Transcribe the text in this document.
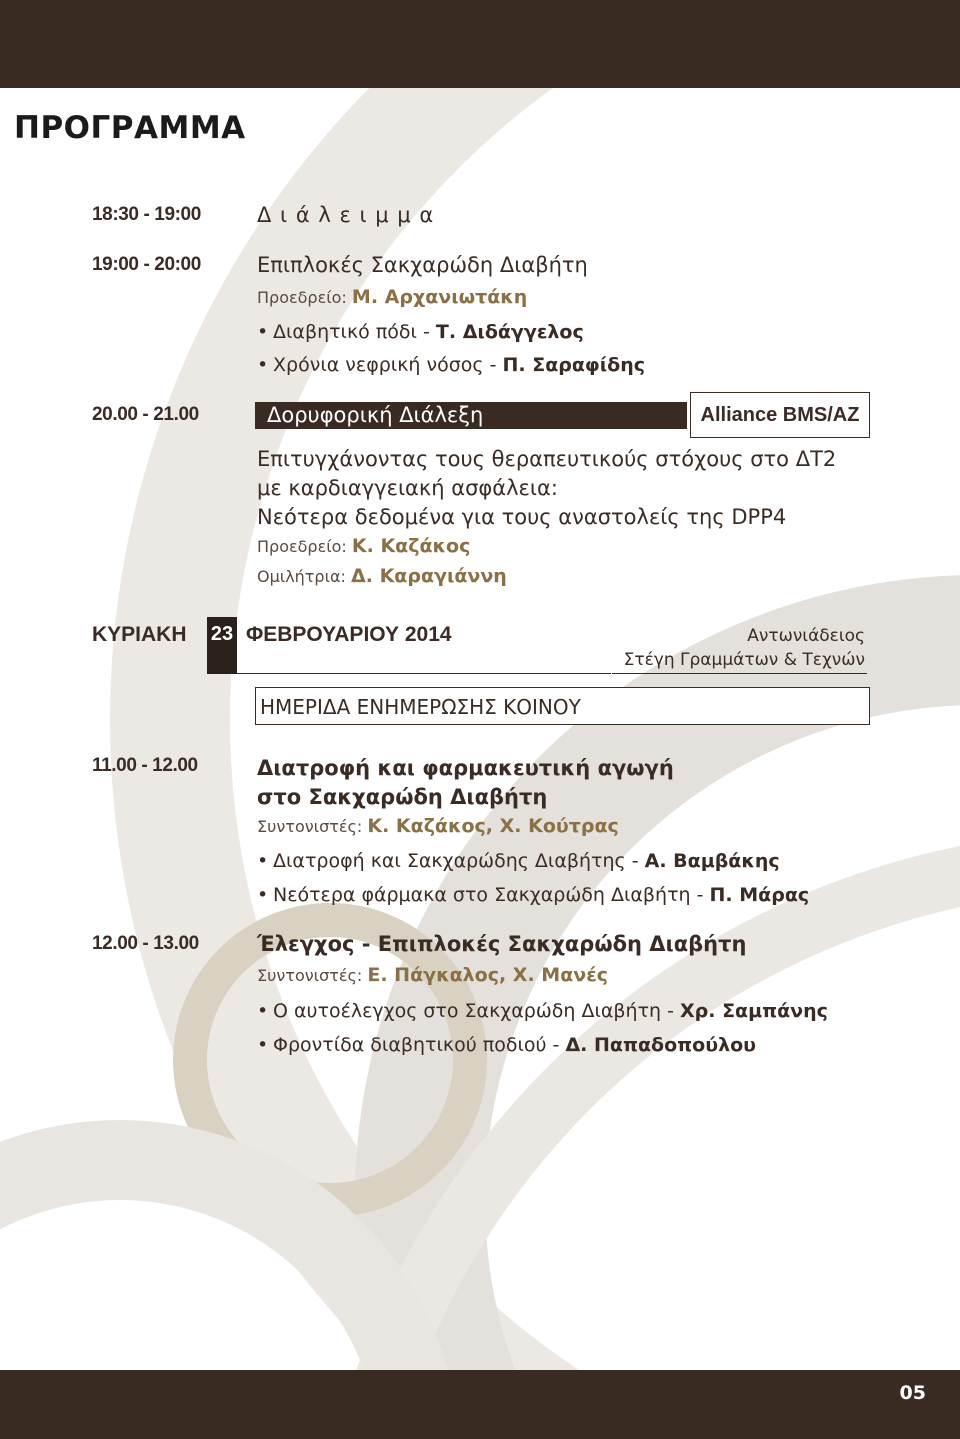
ΠΡΟΓΡΑΜΜΑ
18:30 - 19:00	Δ ι ά λ ε ι μ μ α
19:00 - 20:00	Επιπλοκές Σακχαρώδη Διαβήτη
Προεδρείο: Μ. Αρχανιωτάκη
• Διαβητικό πόδι - Τ. Διδάγγελος
• Χρόνια νεφρική νόσος - Π. Σαραφίδης
20.00 - 21.00	Δορυφορική Διάλεξη	Alliance BMS/AZ
Επιτυγχάνοντας τους θεραπευτικούς στόχους στο ΔΤ2
με καρδιαγγειακή ασφάλεια:
Νεότερα δεδομένα για τους αναστολείς της DPP4
Προεδρείο: Κ. Καζάκος
Ομιλήτρια: Δ. Καραγιάννη
ΚΥΡΙΑΚΗ 23 ΦΕΒΡΟΥΑΡΙΟΥ 2014	Αντωνιάδειος
Στέγη Γραμμάτων & Τεχνών
ΗΜΕΡΙΔΑ ΕΝΗΜΕΡΩΣΗΣ ΚΟΙΝΟΥ
11.00 - 12.00	Διατροφή και φαρμακευτική αγωγή
στο Σακχαρώδη Διαβήτη
Συντονιστές: Κ. Καζάκος, Χ. Κούτρας
• Διατροφή και Σακχαρώδης Διαβήτης - Α. Βαμβάκης
• Νεότερα φάρμακα στο Σακχαρώδη Διαβήτη - Π. Μάρας
12.00 - 13.00	Έλεγχος - Επιπλοκές Σακχαρώδη Διαβήτη
Συντονιστές: Ε. Πάγκαλος, Χ. Μανές
• Ο αυτοέλεγχος στο Σακχαρώδη Διαβήτη - Χρ. Σαμπάνης
• Φροντίδα διαβητικού ποδιού - Δ. Παπαδοπούλου
05
